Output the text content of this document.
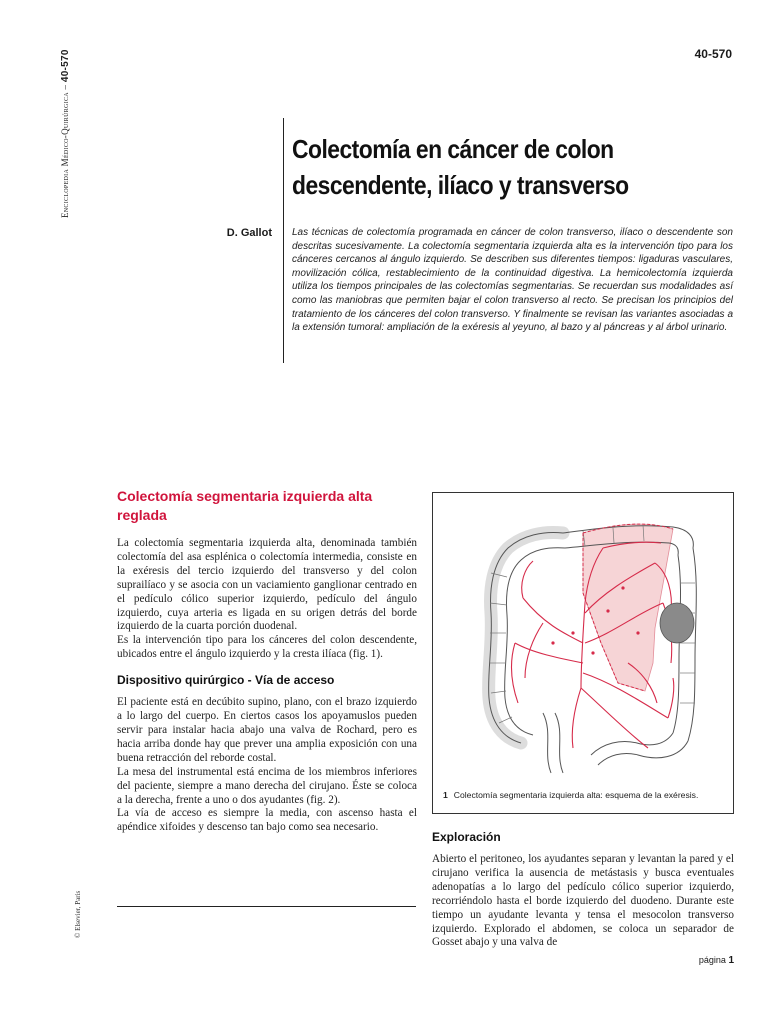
Enciclopedia Médico-Quirúrgica – 40-570
© Elsevier, Paris
40-570
Colectomía en cáncer de colon descendente, ilíaco y transverso
D. Gallot Las técnicas de colectomía programada en cáncer de colon transverso, ilíaco o descendente son descritas sucesivamente. La colectomía segmentaria izquierda alta es la intervención tipo para los cánceres cercanos al ángulo izquierdo. Se describen sus diferentes tiempos: ligaduras vasculares, movilización cólica, restablecimiento de la continuidad digestiva. La hemicolectomía izquierda utiliza los tiempos principales de las colectomías segmentarias. Se recuerdan sus modalidades así como las maniobras que permiten bajar el colon transverso al recto. Se precisan los principios del tratamiento de los cánceres del colon transverso. Y finalmente se revisan las variantes asociadas a la extensión tumoral: ampliación de la exéresis al yeyuno, al bazo y al páncreas y al árbol urinario.

Colectomía segmentaria izquierda alta reglada

La colectomía segmentaria izquierda alta, denominada también colectomía del asa esplénica o colectomía intermedia, consiste en la exéresis del tercio izquierdo del transverso y del colon suprailíaco y se asocia con un vaciamiento ganglionar centrado en el pedículo cólico superior izquierdo, pedículo del ángulo izquierdo, cuya arteria es ligada en su origen detrás del borde izquierdo de la cuarta porción duodenal.

Es la intervención tipo para los cánceres del colon descendente, ubicados entre el ángulo izquierdo y la cresta ilíaca (fig. 1).

Dispositivo quirúrgico - Vía de acceso

El paciente está en decúbito supino, plano, con el brazo izquierdo a lo largo del cuerpo. En ciertos casos los apoyamuslos pueden servir para instalar hacia abajo una valva de Rochard, pero es hacia arriba donde hay que prever una amplia exposición con una buena retracción del reborde costal.

La mesa del instrumental está encima de los miembros inferiores del paciente, siempre a mano derecha del cirujano. Éste se coloca a la derecha, frente a uno o dos ayudantes (fig. 2).

La vía de acceso es siempre la media, con ascenso hasta el apéndice xifoides y descenso tan bajo como sea necesario.

1 Colectomía segmentaria izquierda alta: esquema de la exéresis.
Exploración

Abierto el peritoneo, los ayudantes separan y levantan la pared y el cirujano verifica la ausencia de metástasis y busca eventuales adenopatías a lo largo del pedículo cólico superior izquierdo, recorriéndolo hasta el borde izquierdo del duodeno. Durante este tiempo un ayudante levanta y tensa el mesocolon transverso izquierdo. Explorado el abdomen, se coloca un separador de Gosset abajo y una valva de

página 1
